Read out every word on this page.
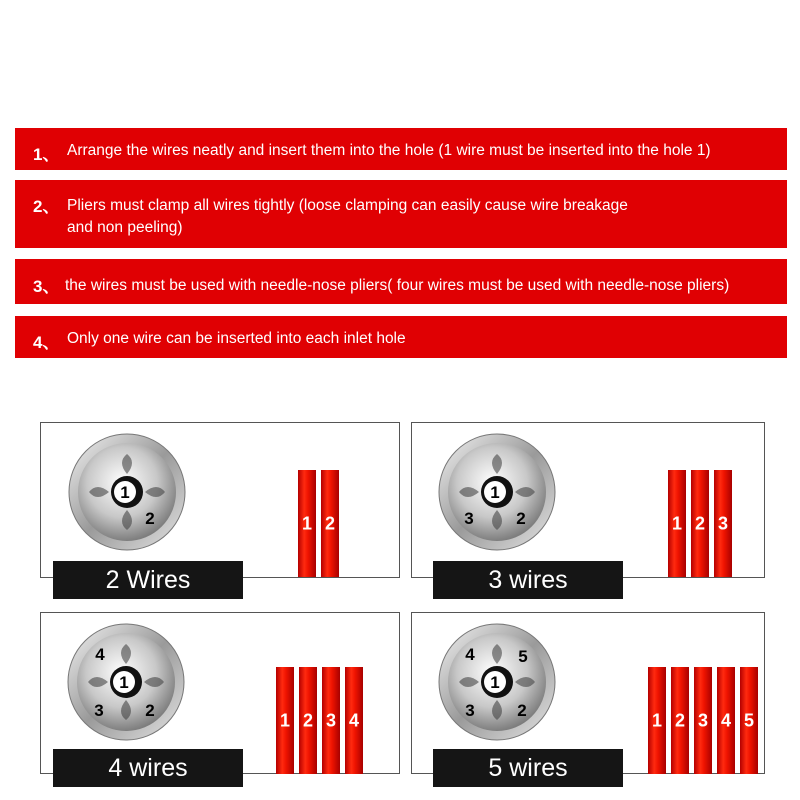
1、 Arrange the wires neatly and insert them into the hole (1 wire must be inserted into the hole 1)
2、 Pliers must clamp all wires tightly (loose clamping can easily cause wire breakage
and non peeling)
3、 the wires must be used with needle-nose pliers( four wires must be used with needle-nose pliers)
4、 Only one wire can be inserted into each inlet hole
1
2	1 2
2 Wires
1
2
3	1 2 3
3 wires
1
2
3
4
1 2 3 4
4 wires
1
2
3
4	5
1 2 3 4 5
5 wires
